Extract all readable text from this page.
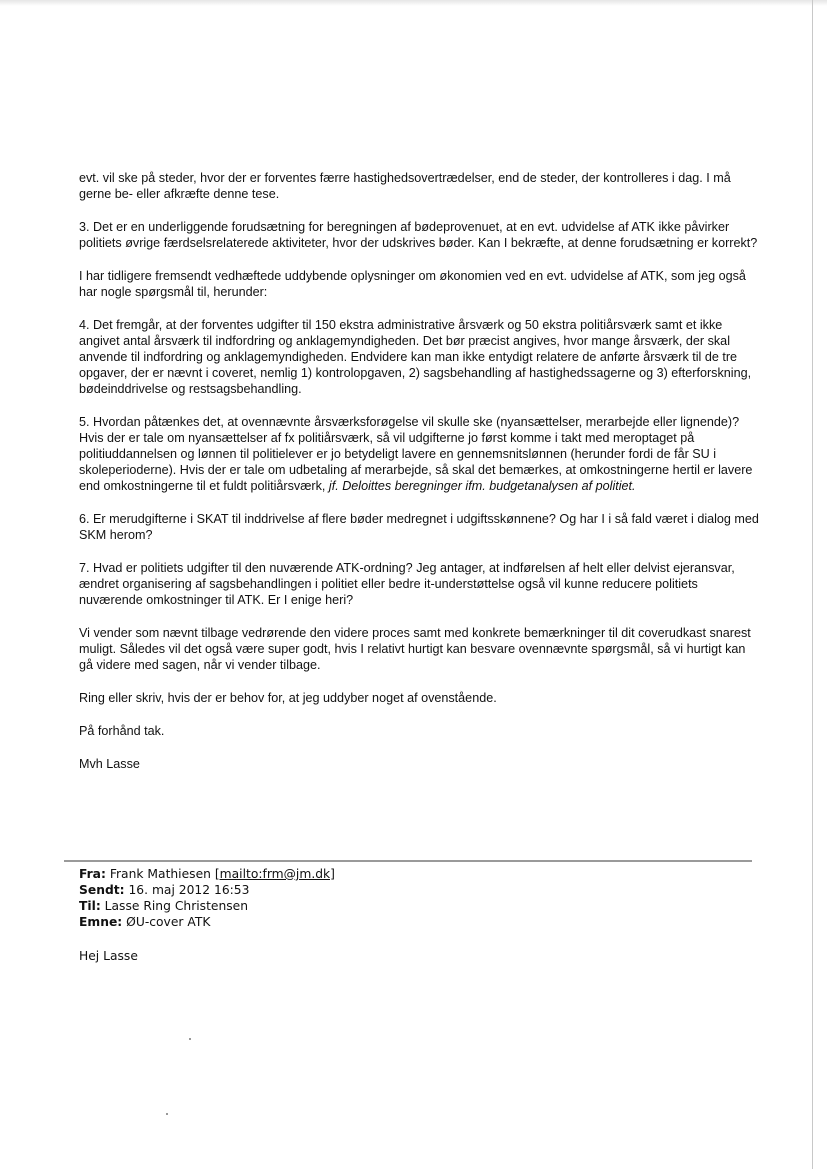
evt. vil ske på steder, hvor der er forventes færre hastighedsovertrædelser, end de steder, der kontrolleres i dag. I må gerne be- eller afkræfte denne tese.

3. Det er en underliggende forudsætning for beregningen af bødeprovenuet, at en evt. udvidelse af ATK ikke påvirker politiets øvrige færdselsrelaterede aktiviteter, hvor der udskrives bøder. Kan I bekræfte, at denne forudsætning er korrekt?

I har tidligere fremsendt vedhæftede uddybende oplysninger om økonomien ved en evt. udvidelse af ATK, som jeg også har nogle spørgsmål til, herunder:

4. Det fremgår, at der forventes udgifter til 150 ekstra administrative årsværk og 50 ekstra politiårsværk samt et ikke angivet antal årsværk til indfordring og anklagemyndigheden. Det bør præcist angives, hvor mange årsværk, der skal anvende til indfordring og anklagemyndigheden. Endvidere kan man ikke entydigt relatere de anførte årsværk til de tre opgaver, der er nævnt i coveret, nemlig 1) kontrolopgaven, 2) sagsbehandling af hastighedssagerne og 3) efterforskning, bødeinddrivelse og restsagsbehandling.

5. Hvordan påtænkes det, at ovennævnte årsværksforøgelse vil skulle ske (nyansættelser, merarbejde eller lignende)? Hvis der er tale om nyansættelser af fx politiårsværk, så vil udgifterne jo først komme i takt med meroptaget på politiuddannelsen og lønnen til politielever er jo betydeligt lavere en gennemsnitslønnen (herunder fordi de får SU i skoleperioderne). Hvis der er tale om udbetaling af merarbejde, så skal det bemærkes, at omkostningerne hertil er lavere end omkostningerne til et fuldt politiårsværk, jf. Deloittes beregninger ifm. budgetanalysen af politiet.

6. Er merudgifterne i SKAT til inddrivelse af flere bøder medregnet i udgiftsskønnene? Og har I i så fald været i dialog med SKM herom?

7. Hvad er politiets udgifter til den nuværende ATK-ordning? Jeg antager, at indførelsen af helt eller delvist ejeransvar, ændret organisering af sagsbehandlingen i politiet eller bedre it-understøttelse også vil kunne reducere politiets nuværende omkostninger til ATK. Er I enige heri?

Vi vender som nævnt tilbage vedrørende den videre proces samt med konkrete bemærkninger til dit coverudkast snarest muligt. Således vil det også være super godt, hvis I relativt hurtigt kan besvare ovennævnte spørgsmål, så vi hurtigt kan gå videre med sagen, når vi vender tilbage.

Ring eller skriv, hvis der er behov for, at jeg uddyber noget af ovenstående.

På forhånd tak.

Mvh Lasse

Fra: Frank Mathiesen [mailto:frm@jm.dk]
Sendt: 16. maj 2012 16:53
Til: Lasse Ring Christensen
Emne: ØU-cover ATK
Hej Lasse
